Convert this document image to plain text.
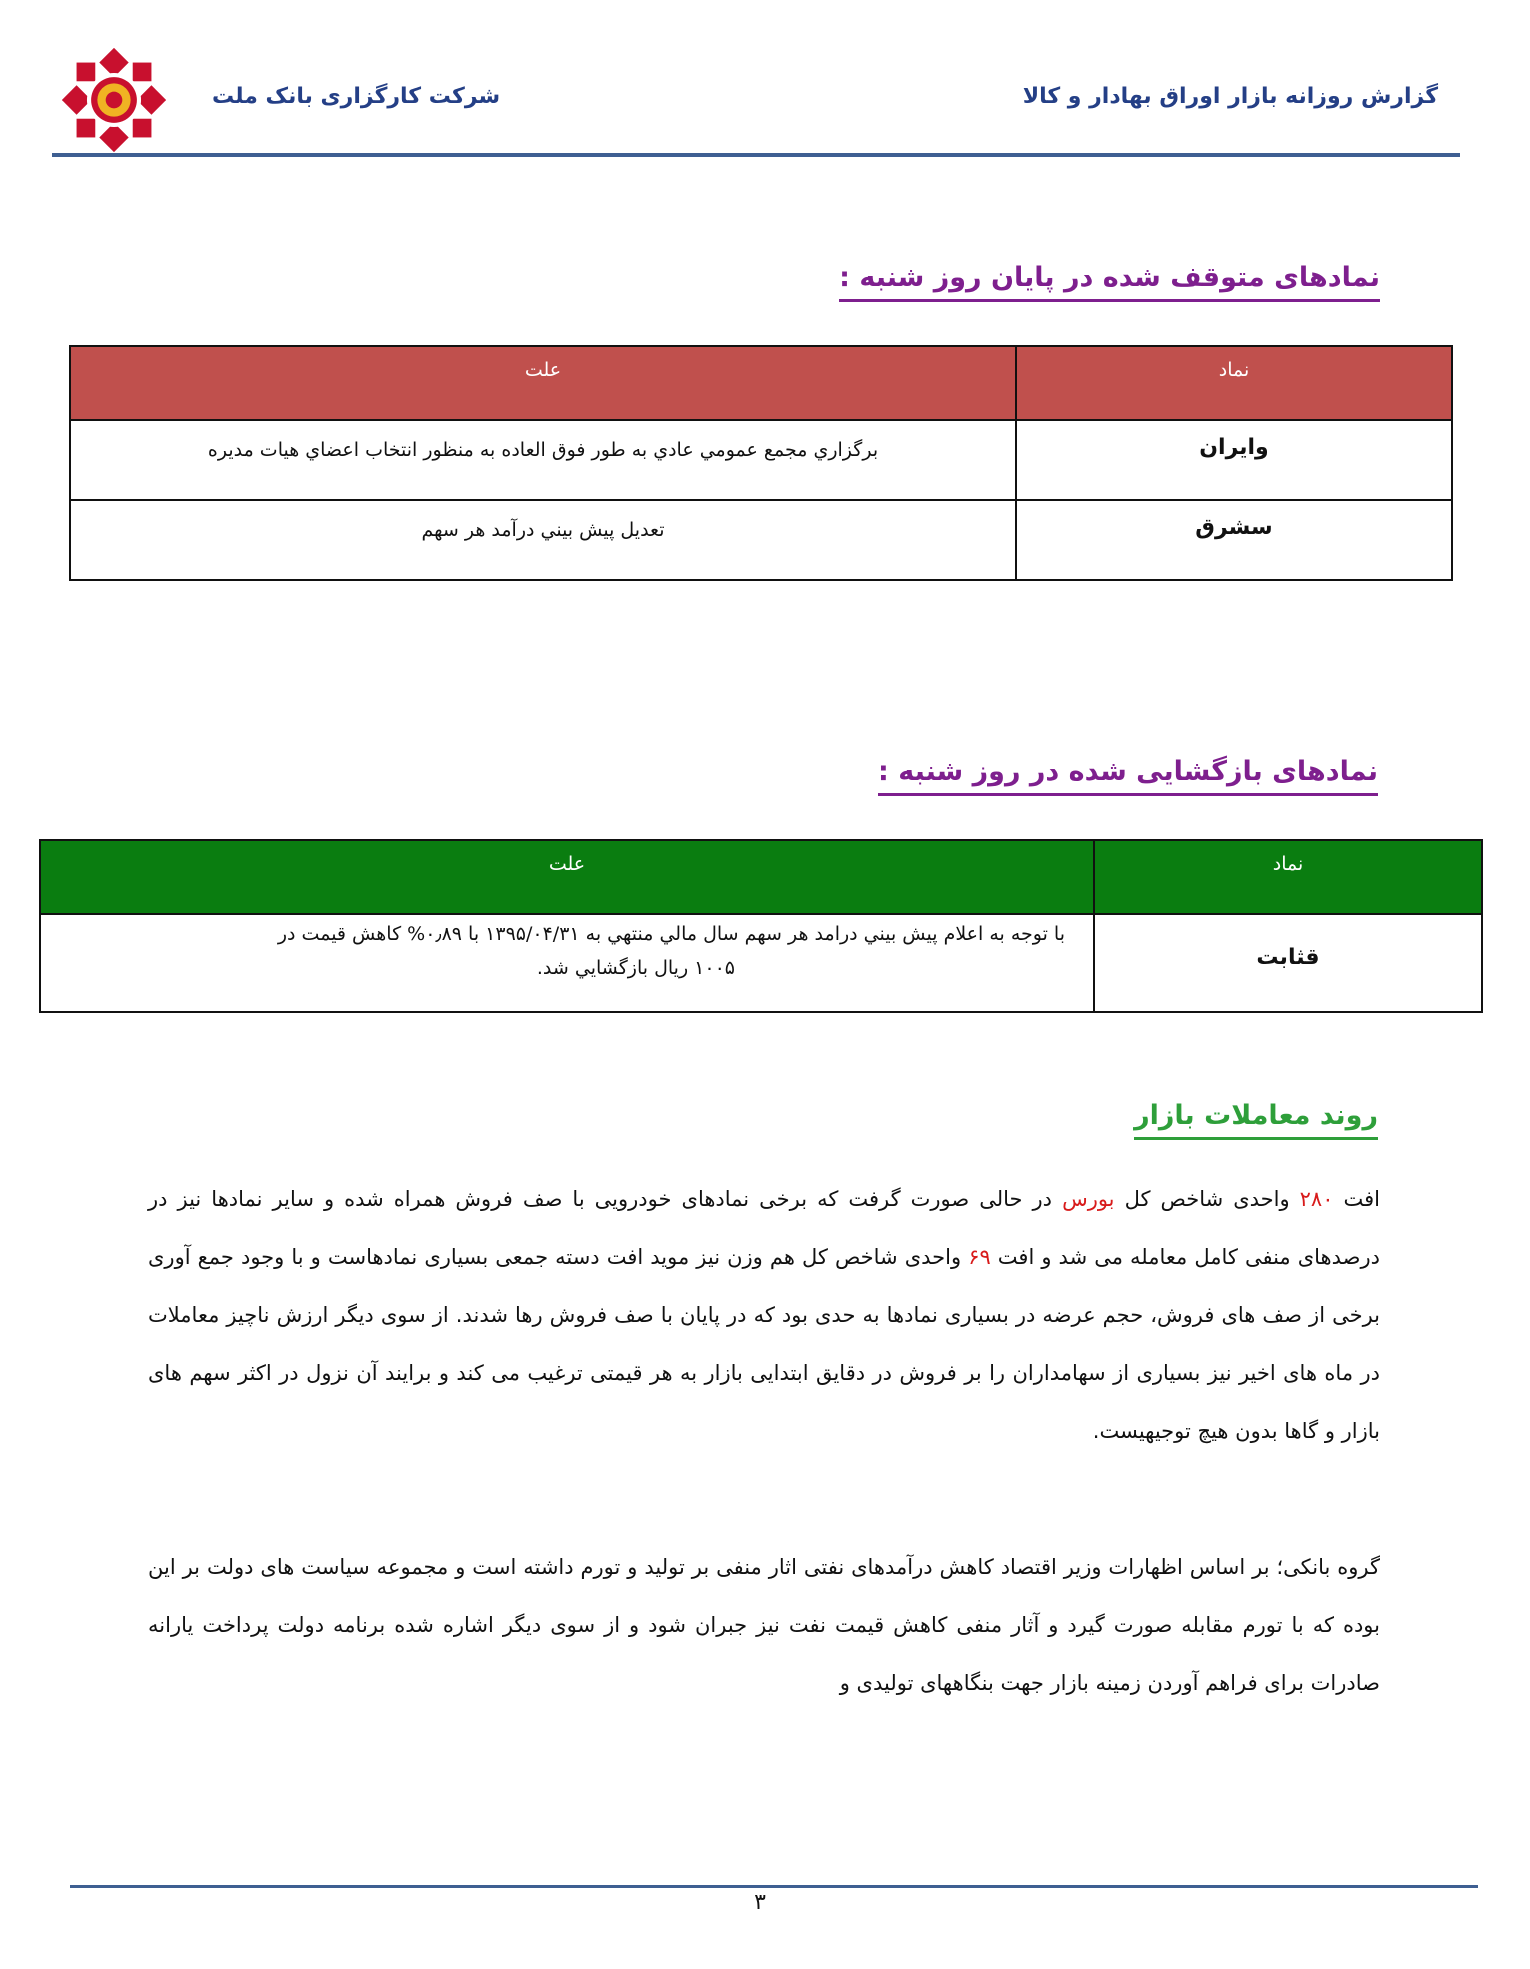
شرکت کارگزاری بانک ملت	گزارش روزانه بازار اوراق بهادار و کالا
نمادهای متوقف شده در پایان روز شنبه :
نماد	علت
وايران	برگزاري مجمع عمومي عادي به طور فوق العاده به منظور انتخاب اعضاي هيات مديره
سشرق	تعديل پيش بيني درآمد هر سهم
نمادهای بازگشایی شده در روز شنبه :
نماد	علت
قثابت	با توجه به اعلام پيش بيني درامد هر سهم سال مالي منتهي به ۱۳۹۵/۰۴/۳۱ با ۰٫۸۹% کاهش قيمت در
۱۰۰۵ ريال بازگشايي شد.
روند معاملات بازار
افت ۲۸۰ واحدی شاخص کل بورس در حالی صورت گرفت که برخی نمادهای خودرویی با صف فروش همراه شده و سایر نمادها نیز در درصدهای منفی کامل معامله می شد و افت ۶۹ واحدی شاخص کل هم وزن نیز موید افت دسته جمعی بسیاری نمادهاست و با وجود جمع آوری برخی از صف های فروش، حجم عرضه در بسیاری نمادها به حدی بود که در پایان با صف فروش رها شدند. از سوی دیگر ارزش ناچیز معاملات در ماه های اخیر نیز بسیاری از سهامداران را بر فروش در دقایق ابتدایی بازار به هر قیمتی ترغیب می کند و برایند آن نزول در اکثر سهم های بازار و گاها بدون هیچ توجیهیست.
گروه بانکی؛ بر اساس اظهارات وزیر اقتصاد کاهش درآمدهای نفتی اثار منفی بر تولید و تورم داشته است و مجموعه سیاست های دولت بر این بوده که با تورم مقابله صورت گیرد و آثار منفی کاهش قیمت نفت نیز جبران شود و از سوی دیگر اشاره شده برنامه دولت پرداخت یارانه صادرات برای فراهم آوردن زمینه بازار جهت بنگاههای تولیدی و
۳
